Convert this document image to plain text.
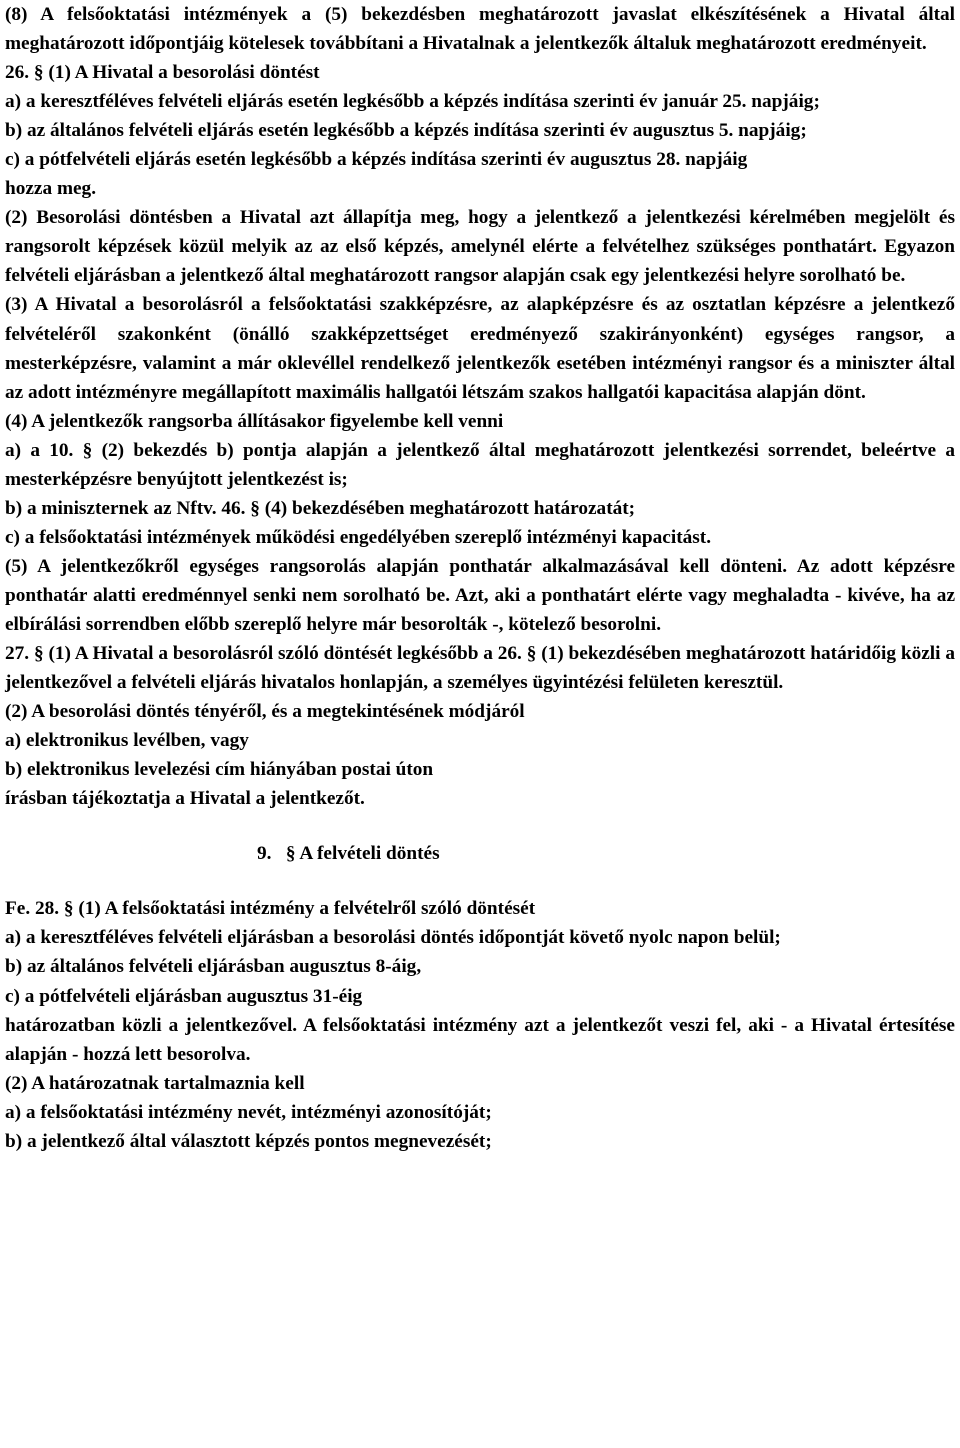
(8) A felsőoktatási intézmények a (5) bekezdésben meghatározott javaslat elkészítésének a Hivatal által meghatározott időpontjáig kötelesek továbbítani a Hivatalnak a jelentkezők általuk meghatározott eredményeit.

26. § (1) A Hivatal a besorolási döntést

a) a keresztféléves felvételi eljárás esetén legkésőbb a képzés indítása szerinti év január 25. napjáig;

b) az általános felvételi eljárás esetén legkésőbb a képzés indítása szerinti év augusztus 5. napjáig;

c) a pótfelvételi eljárás esetén legkésőbb a képzés indítása szerinti év augusztus 28. napjáig

hozza meg.

(2) Besorolási döntésben a Hivatal azt állapítja meg, hogy a jelentkező a jelentkezési kérelmében megjelölt és rangsorolt képzések közül melyik az az első képzés, amelynél elérte a felvételhez szükséges ponthatárt. Egyazon felvételi eljárásban a jelentkező által meghatározott rangsor alapján csak egy jelentkezési helyre sorolható be.

(3) A Hivatal a besorolásról a felsőoktatási szakképzésre, az alapképzésre és az osztatlan képzésre a jelentkező felvételéről szakonként (önálló szakképzettséget eredményező szakirányonként) egységes rangsor, a mesterképzésre, valamint a már oklevéllel rendelkező jelentkezők esetében intézményi rangsor és a miniszter által az adott intézményre megállapított maximális hallgatói létszám szakos hallgatói kapacitása alapján dönt.

(4) A jelentkezők rangsorba állításakor figyelembe kell venni

a) a 10. § (2) bekezdés b) pontja alapján a jelentkező által meghatározott jelentkezési sorrendet, beleértve a mesterképzésre benyújtott jelentkezést is;

b) a miniszternek az Nftv. 46. § (4) bekezdésében meghatározott határozatát;

c) a felsőoktatási intézmények működési engedélyében szereplő intézményi kapacitást.

(5) A jelentkezőkről egységes rangsorolás alapján ponthatár alkalmazásával kell dönteni. Az adott képzésre ponthatár alatti eredménnyel senki nem sorolható be. Azt, aki a ponthatárt elérte vagy meghaladta - kivéve, ha az elbírálási sorrendben előbb szereplő helyre már besorolták -, kötelező besorolni.

27. § (1) A Hivatal a besorolásról szóló döntését legkésőbb a 26. § (1) bekezdésében meghatározott határidőig közli a jelentkezővel a felvételi eljárás hivatalos honlapján, a személyes ügyintézési felületen keresztül.

(2) A besorolási döntés tényéről, és a megtekintésének módjáról

a) elektronikus levélben, vagy

b) elektronikus levelezési cím hiányában postai úton

írásban tájékoztatja a Hivatal a jelentkezőt.

9.   § A felvételi döntés

Fe. 28. § (1) A felsőoktatási intézmény a felvételről szóló döntését

a) a keresztféléves felvételi eljárásban a besorolási döntés időpontját követő nyolc napon belül;

b) az általános felvételi eljárásban augusztus 8-áig,

c) a pótfelvételi eljárásban augusztus 31-éig

határozatban közli a jelentkezővel. A felsőoktatási intézmény azt a jelentkezőt veszi fel, aki - a Hivatal értesítése alapján - hozzá lett besorolva.

(2) A határozatnak tartalmaznia kell

a) a felsőoktatási intézmény nevét, intézményi azonosítóját;

b) a jelentkező által választott képzés pontos megnevezését;
